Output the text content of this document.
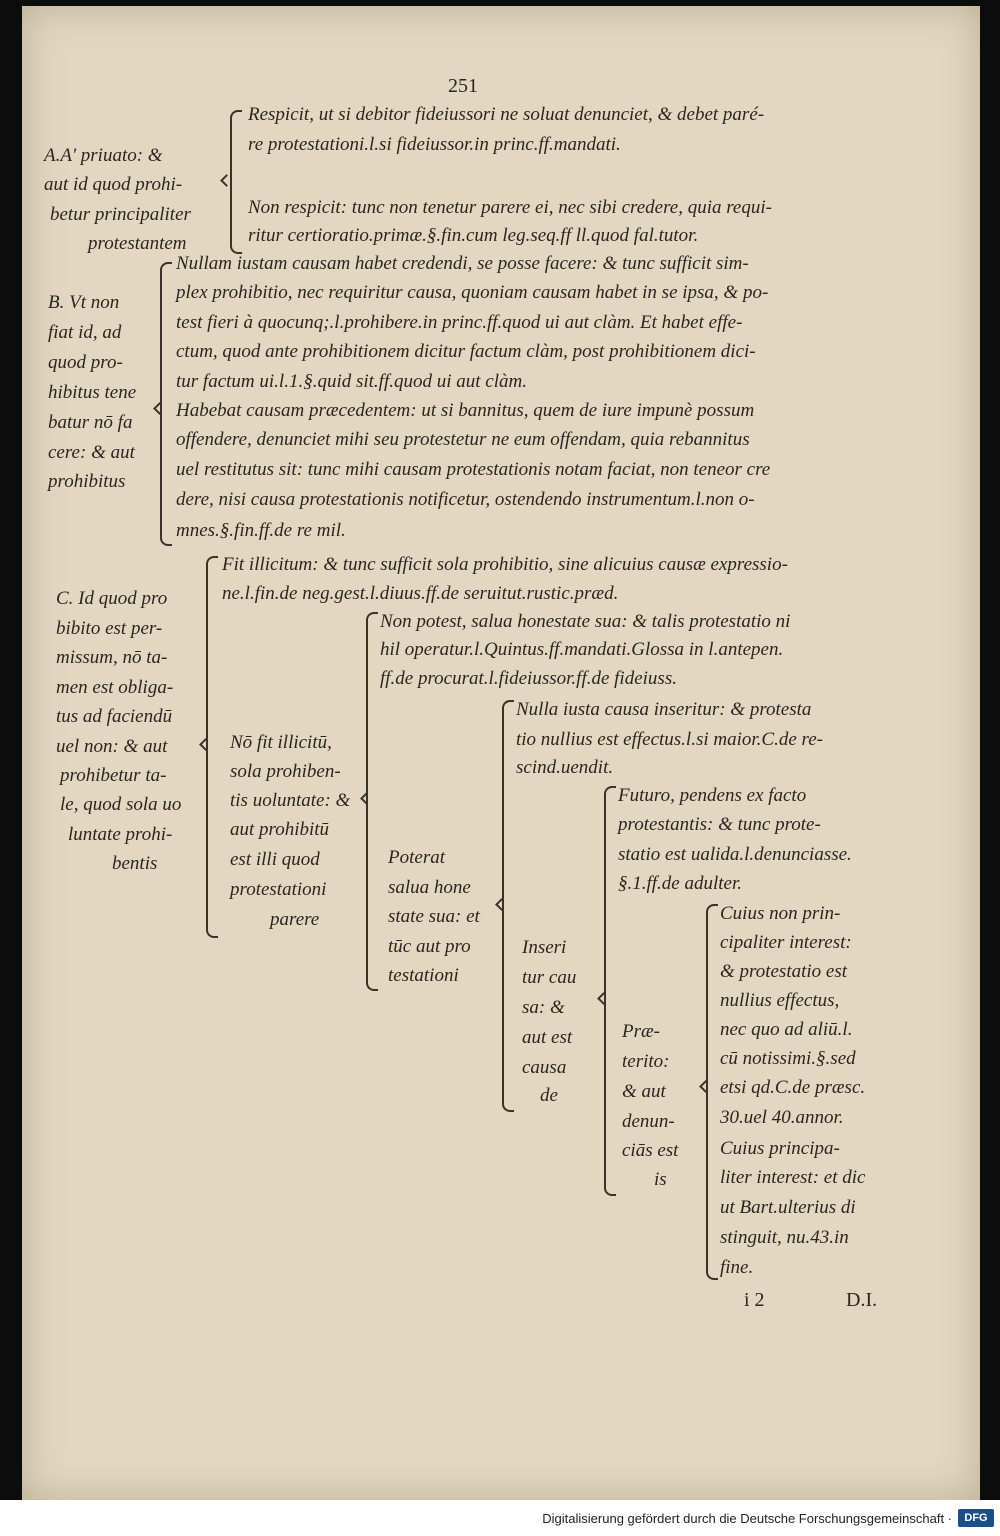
251
A.A' priuato: &
aut id quod prohi-
betur principaliter
protestantem
Respicit, ut si debitor fideiussori ne soluat denunciet, & debet paré-
re protestationi.l.si fideiussor.in princ.ff.mandati.
Non respicit: tunc non tenetur parere ei, nec sibi credere, quia requi-
ritur certioratio.primæ.§.fin.cum leg.seq.ff ll.quod fal.tutor.
B. Vt non
fiat id, ad
quod pro-
hibitus tene
batur nō fa
cere: & aut
prohibitus
Nullam iustam causam habet credendi, se posse facere: & tunc sufficit sim-
plex prohibitio, nec requiritur causa, quoniam causam habet in se ipsa, & po-
test fieri à quocunq;.l.prohibere.in princ.ff.quod ui aut clàm. Et habet effe-
ctum, quod ante prohibitionem dicitur factum clàm, post prohibitionem dici-
tur factum ui.l.1.§.quid sit.ff.quod ui aut clàm.
Habebat causam præcedentem: ut si bannitus, quem de iure impunè possum
offendere, denunciet mihi seu protestetur ne eum offendam, quia rebannitus
uel restitutus sit: tunc mihi causam protestationis notam faciat, non teneor cre
dere, nisi causa protestationis notificetur, ostendendo instrumentum.l.non o-
mnes.§.fin.ff.de re mil.
C. Id quod pro
bibito est per-
missum, nō ta-
men est obliga-
tus ad faciendū
uel non: & aut
prohibetur ta-
le, quod sola uo
luntate prohi-
bentis
Fit illicitum: & tunc sufficit sola prohibitio, sine alicuius causæ expressio-
ne.l.fin.de neg.gest.l.diuus.ff.de seruitut.rustic.præd.
Nō fit illicitū,
sola prohiben-
tis uoluntate: &
aut prohibitū
est illi quod
protestationi
parere
Non potest, salua honestate sua: & talis protestatio ni
hil operatur.l.Quintus.ff.mandati.Glossa in l.antepen.
ff.de procurat.l.fideiussor.ff.de fideiuss.
Poterat
salua hone
state sua: et
tūc aut pro
testationi
Nulla iusta causa inseritur: & protesta
tio nullius est effectus.l.si maior.C.de re-
scind.uendit.
Inseri
tur cau
sa: &
aut est
causa
de
Futuro, pendens ex facto
protestantis: & tunc prote-
statio est ualida.l.denunciasse.
§.1.ff.de adulter.
Præ-
terito:
& aut
denun-
ciās est
is
Cuius non prin-
cipaliter interest:
& protestatio est
nullius effectus,
nec quo ad aliū.l.
cū notissimi.§.sed
etsi qd.C.de præsc.
30.uel 40.annor.
Cuius principa-
liter interest: et dic
ut Bart.ulterius di
stinguit, nu.43.in
fine.
i 2	D.I.
Digitalisierung gefördert durch die Deutsche Forschungsgemeinschaft ·	DFG
